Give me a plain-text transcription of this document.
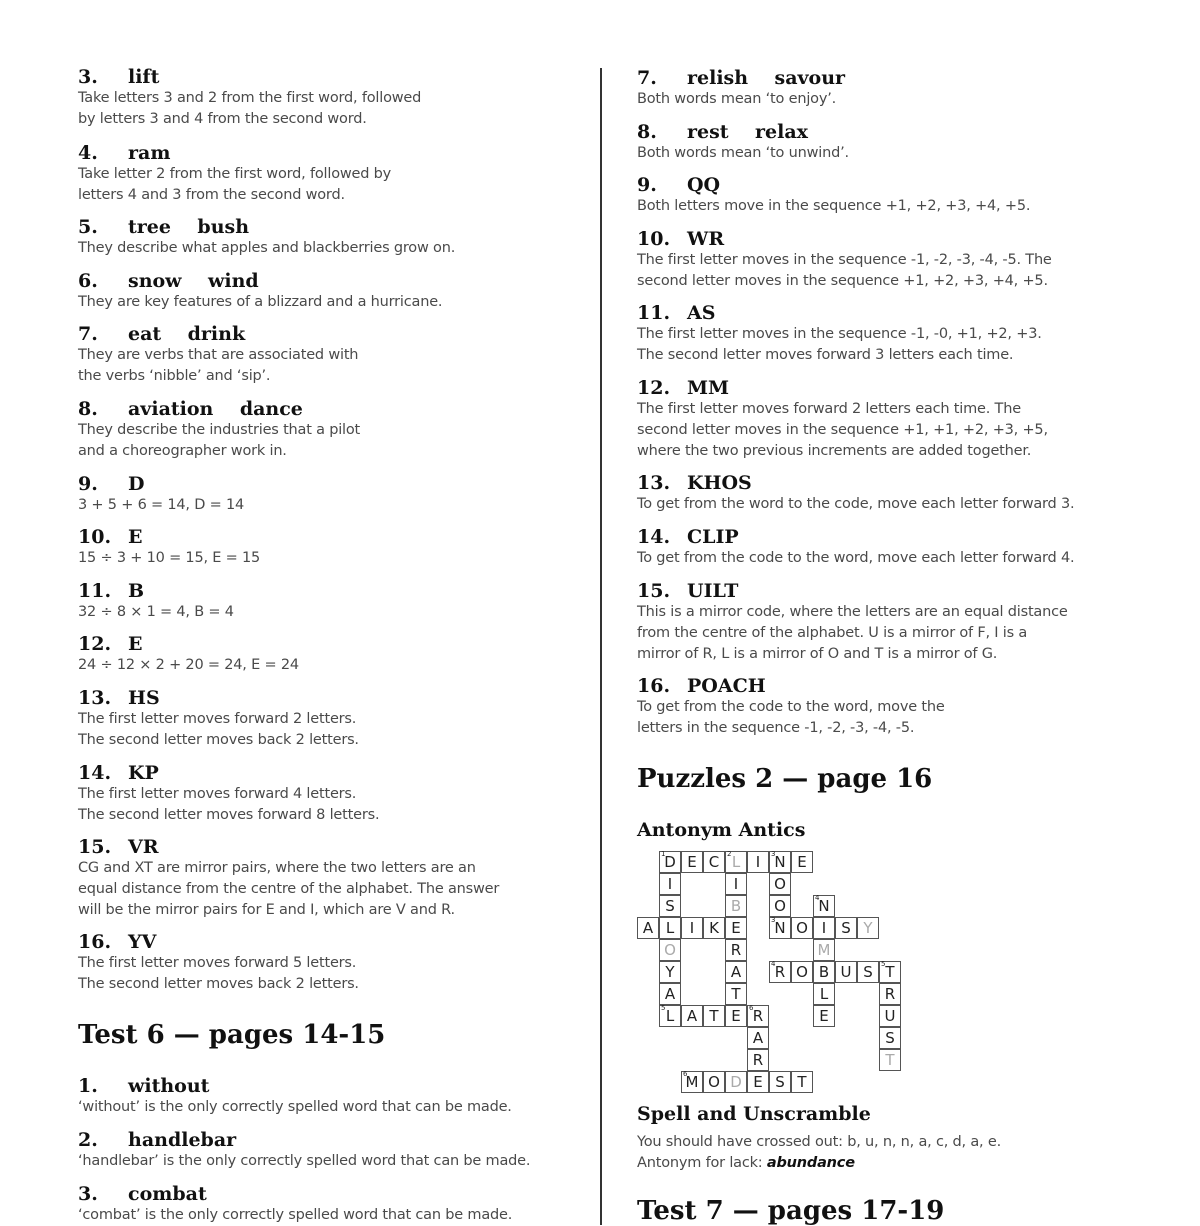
3. lift
Take letters 3 and 2 from the first word, followed
by letters 3 and 4 from the second word.
4. ram
Take letter 2 from the first word, followed by
letters 4 and 3 from the second word.
5. tree    bush
They describe what apples and blackberries grow on.
6. snow    wind
They are key features of a blizzard and a hurricane.
7. eat    drink
They are verbs that are associated with
the verbs ‘nibble’ and ‘sip’.
8. aviation    dance
They describe the industries that a pilot
and a choreographer work in.
9. D
3 + 5 + 6 = 14, D = 14
10. E
15 ÷ 3 + 10 = 15, E = 15
11. B
32 ÷ 8 × 1 = 4, B = 4
12. E
24 ÷ 12 × 2 + 20 = 24, E = 24
13. HS
The first letter moves forward 2 letters.
The second letter moves back 2 letters.
14. KP
The first letter moves forward 4 letters.
The second letter moves forward 8 letters.
15. VR
CG and XT are mirror pairs, where the two letters are an
equal distance from the centre of the alphabet. The answer
will be the mirror pairs for E and I, which are V and R.
16. YV
The first letter moves forward 5 letters.
The second letter moves back 2 letters.
1. without
‘without’ is the only correctly spelled word that can be made.
2. handlebar
‘handlebar’ is the only correctly spelled word that can be made.
3. combat
‘combat’ is the only correctly spelled word that can be made.
7. relish    savour
Both words mean ‘to enjoy’.
8. rest    relax
Both words mean ‘to unwind’.
9. QQ
Both letters move in the sequence +1, +2, +3, +4, +5.
10. WR
The first letter moves in the sequence -1, -2, -3, -4, -5. The
second letter moves in the sequence +1, +2, +3, +4, +5.
11. AS
The first letter moves in the sequence -1, -0, +1, +2, +3.
The second letter moves forward 3 letters each time.
12. MM
The first letter moves forward 2 letters each time. The
second letter moves in the sequence +1, +1, +2, +3, +5,
where the two previous increments are added together.
13. KHOS
To get from the word to the code, move each letter forward 3.
14. CLIP
To get from the code to the word, move each letter forward 4.
15. UILT
This is a mirror code, where the letters are an equal distance
from the centre of the alphabet. U is a mirror of F, I is a
mirror of R, L is a mirror of O and T is a mirror of G.
16. POACH
To get from the code to the word, move the
letters in the sequence -1, -2, -3, -4, -5.
Test 6 — pages 14-15
Puzzles 2 — page 16
Antonym Antics
1
D E C	2 L	I	3
N E
I
S
L
O
Y
A
5 L
I
B
E
R
A
T
E
O
O
3
N
4
N
I
M
B
L
E
A	I K	O	S Y
4 R O	U S	5 T
R
U
S
T
A T	6 R
A
R
E
6
M O D	S T
Spell and Unscramble
You should have crossed out: b, u, n, n, a, c, d, a, e.
Antonym for lack: abundance
Test 7 — pages 17-19
